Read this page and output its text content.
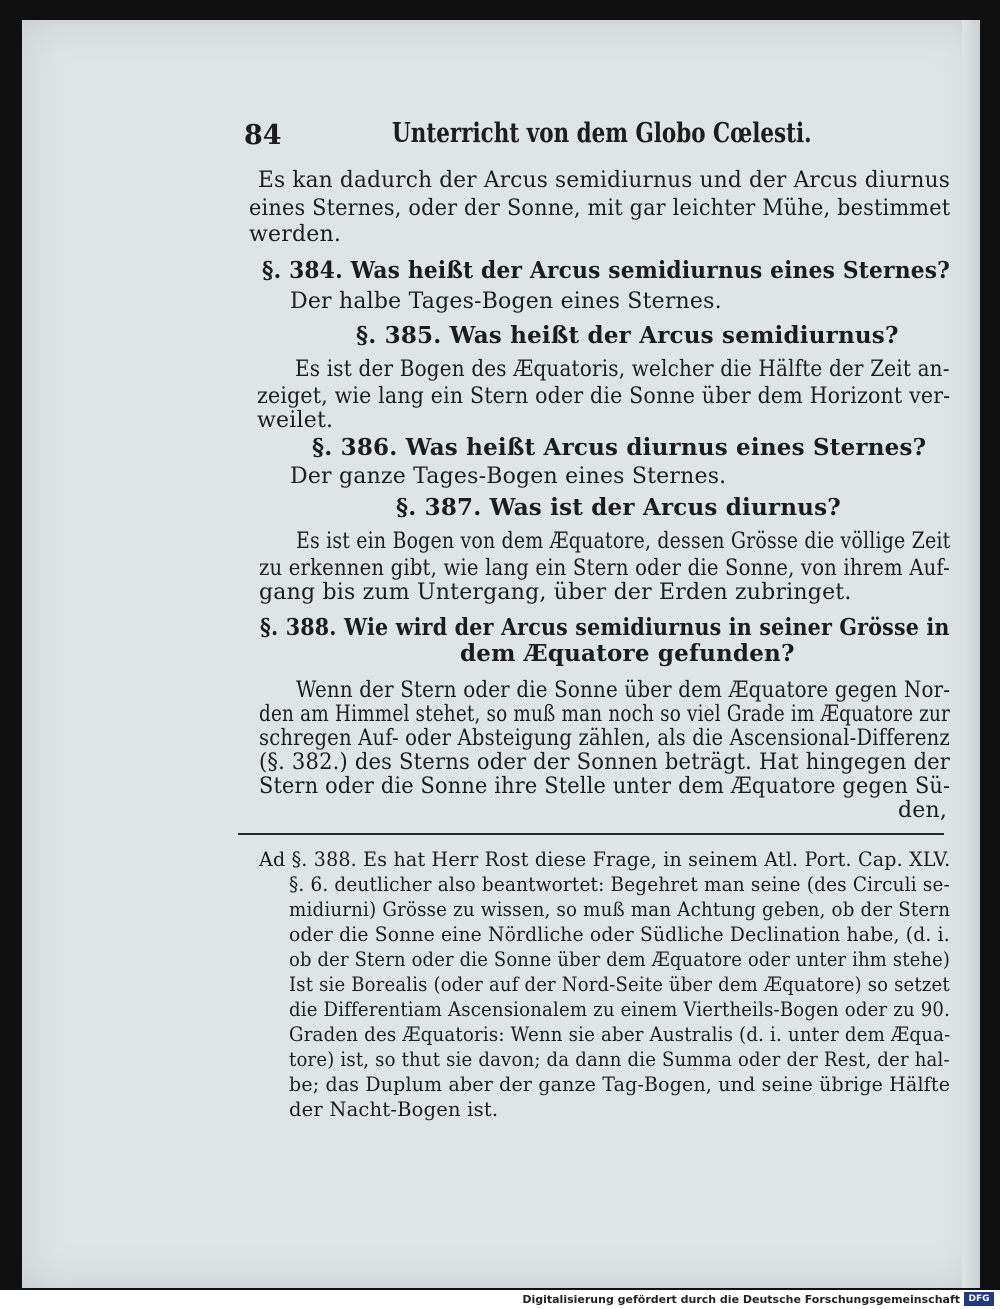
84	Unterricht von dem Globo Cœlesti.
Es kan dadurch der Arcus semidiurnus und der Arcus diurnus
eines Sternes, oder der Sonne, mit gar leichter Mühe, bestimmet
werden.
§. 384. Was heißt der Arcus semidiurnus eines Sternes?
Der halbe Tages-Bogen eines Sternes.
§. 385. Was heißt der Arcus semidiurnus?
Es ist der Bogen des Æquatoris, welcher die Hälfte der Zeit an-
zeiget, wie lang ein Stern oder die Sonne über dem Horizont ver-
weilet.
§. 386. Was heißt Arcus diurnus eines Sternes?
Der ganze Tages-Bogen eines Sternes.
§. 387. Was ist der Arcus diurnus?
Es ist ein Bogen von dem Æquatore, dessen Grösse die völlige Zeit
zu erkennen gibt, wie lang ein Stern oder die Sonne, von ihrem Auf-
gang bis zum Untergang, über der Erden zubringet.
§. 388. Wie wird der Arcus semidiurnus in seiner Grösse in
dem Æquatore gefunden?
Wenn der Stern oder die Sonne über dem Æquatore gegen Nor-
den am Himmel stehet, so muß man noch so viel Grade im Æquatore zur
schregen Auf- oder Absteigung zählen, als die Ascensional-Differenz
(§. 382.) des Sterns oder der Sonnen beträgt. Hat hingegen der
Stern oder die Sonne ihre Stelle unter dem Æquatore gegen Sü-
den,
Ad §. 388. Es hat Herr Rost diese Frage, in seinem Atl. Port. Cap. XLV.
§. 6. deutlicher also beantwortet: Begehret man seine (des Circuli se-
midiurni) Grösse zu wissen, so muß man Achtung geben, ob der Stern
oder die Sonne eine Nördliche oder Südliche Declination habe, (d. i.
ob der Stern oder die Sonne über dem Æquatore oder unter ihm stehe)
Ist sie Borealis (oder auf der Nord-Seite über dem Æquatore) so setzet
die Differentiam Ascensionalem zu einem Viertheils-Bogen oder zu 90.
Graden des Æquatoris: Wenn sie aber Australis (d. i. unter dem Æqua-
tore) ist, so thut sie davon; da dann die Summa oder der Rest, der hal-
be; das Duplum aber der ganze Tag-Bogen, und seine übrige Hälfte
der Nacht-Bogen ist.
Digitalisierung gefördert durch die Deutsche Forschungsgemeinschaft DFG
